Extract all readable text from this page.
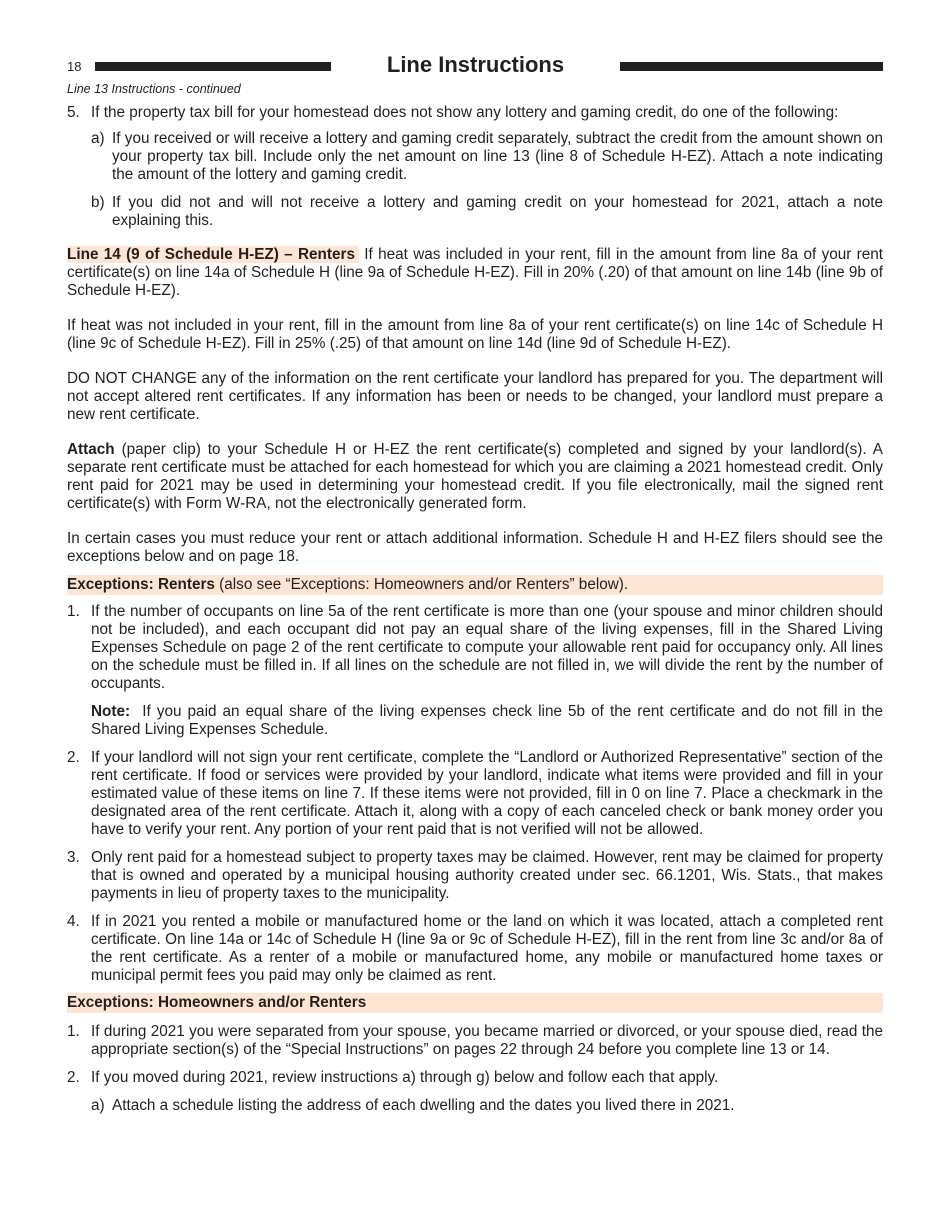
18	Line Instructions
Line 13 Instructions - continued
5. If the property tax bill for your homestead does not show any lottery and gaming credit, do one of the following:
a) If you received or will receive a lottery and gaming credit separately, subtract the credit from the amount shown on your property tax bill. Include only the net amount on line 13 (line 8 of Schedule H-EZ). Attach a note indicating the amount of the lottery and gaming credit.
b) If you did not and will not receive a lottery and gaming credit on your homestead for 2021, attach a note explaining this.

Line 14 (9 of Schedule H-EZ) – Renters If heat was included in your rent, fill in the amount from line 8a of your rent certificate(s) on line 14a of Schedule H (line 9a of Schedule H-EZ). Fill in 20% (.20) of that amount on line 14b (line 9b of Schedule H-EZ).

If heat was not included in your rent, fill in the amount from line 8a of your rent certificate(s) on line 14c of Schedule H (line 9c of Schedule H-EZ). Fill in 25% (.25) of that amount on line 14d (line 9d of Schedule H-EZ).

DO NOT CHANGE any of the information on the rent certificate your landlord has prepared for you. The department will not accept altered rent certificates. If any information has been or needs to be changed, your landlord must prepare a new rent certificate.

Attach (paper clip) to your Schedule H or H-EZ the rent certificate(s) completed and signed by your landlord(s). A separate rent certificate must be attached for each homestead for which you are claiming a 2021 homestead credit. Only rent paid for 2021 may be used in determining your homestead credit. If you file electronically, mail the signed rent certificate(s) with Form W-RA, not the electronically generated form.

In certain cases you must reduce your rent or attach additional information. Schedule H and H-EZ filers should see the exceptions below and on page 18.

Exceptions: Renters (also see “Exceptions: Homeowners and/or Renters” below).
1. If the number of occupants on line 5a of the rent certificate is more than one (your spouse and minor children should not be included), and each occupant did not pay an equal share of the living expenses, fill in the Shared Living Expenses Schedule on page 2 of the rent certificate to compute your allowable rent paid for occupancy only. All lines on the schedule must be filled in. If all lines on the schedule are not filled in, we will divide the rent by the number of occupants.

Note: If you paid an equal share of the living expenses check line 5b of the rent certificate and do not fill in the Shared Living Expenses Schedule.

2. If your landlord will not sign your rent certificate, complete the “Landlord or Authorized Representative” section of the rent certificate. If food or services were provided by your landlord, indicate what items were provided and fill in your estimated value of these items on line 7. If these items were not provided, fill in 0 on line 7. Place a checkmark in the designated area of the rent certificate. Attach it, along with a copy of each canceled check or bank money order you have to verify your rent. Any portion of your rent paid that is not verified will not be allowed.
3. Only rent paid for a homestead subject to property taxes may be claimed. However, rent may be claimed for property that is owned and operated by a municipal housing authority created under sec. 66.1201, Wis. Stats., that makes payments in lieu of property taxes to the municipality.
4. If in 2021 you rented a mobile or manufactured home or the land on which it was located, attach a completed rent certificate. On line 14a or 14c of Schedule H (line 9a or 9c of Schedule H-EZ), fill in the rent from line 3c and/or 8a of the rent certificate. As a renter of a mobile or manufactured home, any mobile or manufactured home taxes or municipal permit fees you paid may only be claimed as rent.
Exceptions: Homeowners and/or Renters
1. If during 2021 you were separated from your spouse, you became married or divorced, or your spouse died, read the appropriate section(s) of the “Special Instructions” on pages 22 through 24 before you complete line 13 or 14.
2. If you moved during 2021, review instructions a) through g) below and follow each that apply.
a) Attach a schedule listing the address of each dwelling and the dates you lived there in 2021.
